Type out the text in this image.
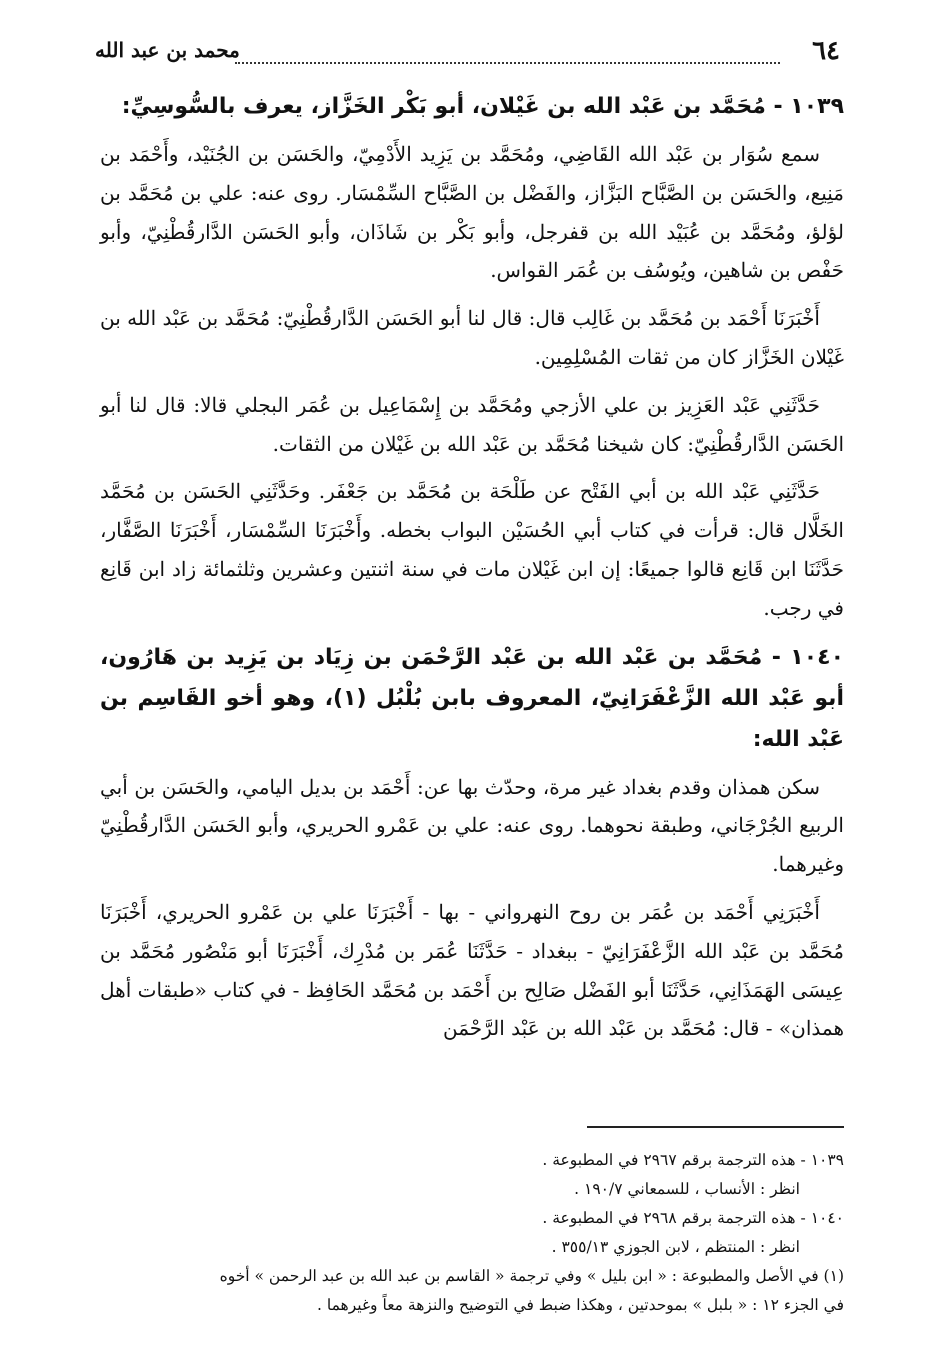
٦٤
محمد بن عبد الله
١٠٣٩ - مُحَمَّد بن عَبْد الله بن غَيْلان، أبو بَكْر الخَزَّاز، يعرف بالسُّوسِيِّ:

سمع سُوَار بن عَبْد الله القَاضِي، ومُحَمَّد بن يَزِيد الأَدْمِيّ، والحَسَن بن الجُنَيْد، وأَحْمَد بن مَنِيع، والحَسَن بن الصَّبَّاح البَزَّاز، والفَضْل بن الصَّبَّاح السِّمْسَار. روى عنه: علي بن مُحَمَّد بن لؤلؤ، ومُحَمَّد بن عُبَيْد الله بن قفرجل، وأبو بَكْر بن شَاذَان، وأبو الحَسَن الدَّارقُطْنِيّ، وأبو حَفْص بن شاهين، ويُوسُف بن عُمَر القواس.

أَخْبَرَنَا أَحْمَد بن مُحَمَّد بن غَالِب قال: قال لنا أبو الحَسَن الدَّارقُطْنِيّ: مُحَمَّد بن عَبْد الله بن غَيْلان الخَزَّاز كان من ثقات المُسْلِمِين.

حَدَّثَنِي عَبْد العَزِيز بن علي الأزجي ومُحَمَّد بن إِسْمَاعِيل بن عُمَر البجلي قالا: قال لنا أبو الحَسَن الدَّارقُطْنِيّ: كان شيخنا مُحَمَّد بن عَبْد الله بن غَيْلان من الثقات.

حَدَّثَنِي عَبْد الله بن أبي الفَتْح عن طَلْحَة بن مُحَمَّد بن جَعْفَر. وحَدَّثَنِي الحَسَن بن مُحَمَّد الخَلَّال قال: قرأت في كتاب أبي الحُسَيْن البواب بخطه. وأَخْبَرَنَا السِّمْسَار، أَخْبَرَنَا الصَّفَّار، حَدَّثَنَا ابن قَانِع قالوا جميعًا: إن ابن غَيْلان مات في سنة اثنتين وعشرين وثلثمائة زاد ابن قَانِع في رجب.

١٠٤٠ - مُحَمَّد بن عَبْد الله بن عَبْد الرَّحْمَن بن زِيَاد بن يَزِيد بن هَارُون، أبو عَبْد الله الزَّعْفَرَانِيّ، المعروف بابن بُلْبُل (١)، وهو أخو القَاسِم بن عَبْد الله:

سكن همذان وقدم بغداد غير مرة، وحدّث بها عن: أَحْمَد بن بديل اليامي، والحَسَن بن أبي الربيع الجُرْجَاني، وطبقة نحوهما. روى عنه: علي بن عَمْرو الحريري، وأبو الحَسَن الدَّارقُطْنِيّ وغيرهما.

أَخْبَرَنِي أَحْمَد بن عُمَر بن روح النهرواني - بها - أَخْبَرَنَا علي بن عَمْرو الحريري، أَخْبَرَنَا مُحَمَّد بن عَبْد الله الزَّعْفَرَانِيّ - ببغداد - حَدَّثَنَا عُمَر بن مُدْرِك، أَخْبَرَنَا أبو مَنْصُور مُحَمَّد بن عِيسَى الهَمَذَانِي، حَدَّثَنَا أبو الفَضْل صَالِح بن أَحْمَد بن مُحَمَّد الحَافِظ - في كتاب «طبقات أهل همذان» - قال: مُحَمَّد بن عَبْد الله بن عَبْد الرَّحْمَن

١٠٣٩ - هذه الترجمة برقم ٢٩٦٧ في المطبوعة .
انظر : الأنساب ، للسمعاني ١٩٠/٧ .
١٠٤٠ - هذه الترجمة برقم ٢٩٦٨ في المطبوعة .
انظر : المنتظم ، لابن الجوزي ٣٥٥/١٣ .
(١) في الأصل والمطبوعة : « ابن بليل » وفي ترجمة « القاسم بن عبد الله بن عبد الرحمن » أخوه
في الجزء ١٢ : « بلبل » بموحدتين ، وهكذا ضبط في التوضيح والنزهة معاً وغيرهما .
